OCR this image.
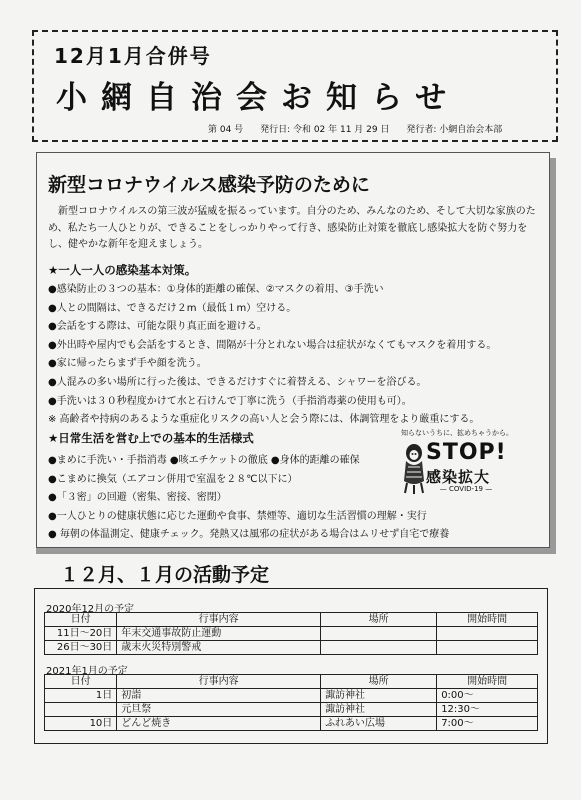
12月1月合併号
小網自治会お知らせ
第 04 号 発行日: 令和 02 年 11 月 29 日 発行者: 小網自治会本部
新型コロナウイルス感染予防のために
新型コロナウイルスの第三波が猛威を振るっています。自分のため、みんなのため、そして大切な家族のため、私たち一人ひとりが、できることをしっかりやって行き、感染防止対策を徹底し感染拡大を防ぐ努力をし、健やかな新年を迎えましょう。
★一人一人の感染基本対策。
●感染防止の３つの基本：①身体的距離の確保、②マスクの着用、③手洗い
●人との間隔は、できるだけ２m（最低１m）空ける。
●会話をする際は、可能な限り真正面を避ける。
●外出時や屋内でも会話をするとき、間隔が十分とれない場合は症状がなくてもマスクを着用する。
●家に帰ったらまず手や顔を洗う。
●人混みの多い場所に行った後は、できるだけすぐに着替える、シャワーを浴びる。
●手洗いは３０秒程度かけて水と石けんで丁寧に洗う（手指消毒薬の使用も可）。
※ 高齢者や持病のあるような重症化リスクの高い人と会う際には、体調管理をより厳重にする。
★日常生活を営む上での基本的生活様式
●まめに手洗い・手指消毒 ●咳エチケットの徹底 ●身体的距離の確保
●こまめに換気（エアコン併用で室温を２８℃以下に）
●「３密」の回避（密集、密接、密閉）
●一人ひとりの健康状態に応じた運動や食事、禁煙等、適切な生活習慣の理解・実行
● 毎朝の体温測定、健康チェック。発熱又は風邪の症状がある場合はムリせず自宅で療養
知らないうちに、拡めちゃうから。
STOP!
感染拡大
— COVID-19 —
１２月、１月の活動予定
2020年12月の予定
日付	行事内容	場所	開始時間
11日～20日	年末交通事故防止運動		
26日～30日	歳末火災特別警戒		
2021年1月の予定
日付	行事内容	場所	開始時間
1日	初詣	諏訪神社	0:00～
	元旦祭	諏訪神社	12:30～
10日	どんど焼き	ふれあい広場	7:00～
